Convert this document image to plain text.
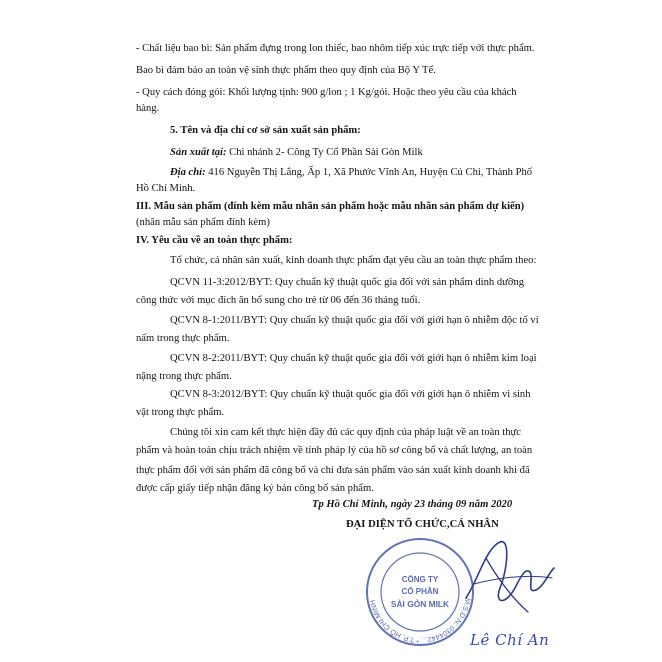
- Chất liệu bao bì: Sản phẩm đựng trong lon thiếc, bao nhôm tiếp xúc trực tiếp với thực phẩm.

Bao bì đảm bảo an toàn vệ sinh thực phẩm theo quy định của Bộ Y Tế.

- Quy cách đóng gói: Khối lượng tịnh: 900 g/lon ; 1 Kg/gói. Hoặc theo yêu cầu của khách

hàng.

5. Tên và địa chỉ cơ sở sản xuất sản phẩm:

Sản xuất tại: Chi nhánh 2- Công Ty Cổ Phần Sài Gòn Milk

Địa chỉ: 416 Nguyễn Thị Lắng, Ấp 1, Xã Phước Vĩnh An, Huyện Củ Chi, Thành Phố

Hồ Chí Minh.

III. Mẫu sản phẩm (đính kèm mẫu nhãn sản phẩm hoặc mẫu nhãn sản phẩm dự kiến)

(nhãn mẫu sản phẩm đính kèm)

IV. Yêu cầu về an toàn thực phẩm:

Tổ chức, cá nhân sản xuất, kinh doanh thực phẩm đạt yêu cầu an toàn thực phẩm theo:

QCVN 11-3:2012/BYT: Quy chuẩn kỹ thuật quốc gia đối với sản phẩm dinh dưỡng

công thức với mục đích ăn bổ sung cho trẻ từ 06 đến 36 tháng tuổi.

QCVN 8-1:2011/BYT: Quy chuẩn kỹ thuật quốc gia đối với giới hạn ô nhiễm độc tố vi

nấm trong thực phẩm.

QCVN 8-2:2011/BYT: Quy chuẩn kỹ thuật quốc gia đối với giới hạn ô nhiễm kim loại

nặng trong thực phẩm.

QCVN 8-3:2012/BYT: Quy chuẩn kỹ thuật quốc gia đối với giới hạn ô nhiễm vi sinh

vật trong thực phẩm.

Chúng tôi xin cam kết thực hiện đầy đủ các quy định của pháp luật về an toàn thực

phẩm và hoàn toàn chịu trách nhiệm về tính pháp lý của hồ sơ công bố và chất lượng, an toàn

thực phẩm đối với sản phẩm đã công bố và chỉ đưa sản phẩm vào sản xuất kinh doanh khi đã

được cấp giấy tiếp nhận đăng ký bản công bố sản phẩm.

Tp Hồ Chí Minh, ngày 23 tháng 09 năm 2020

ĐẠI DIỆN TỔ CHỨC,CÁ NHÂN

M.S.D.N: 0304442... * T.P. HỒ CHÍ MINH
CÔNG TY
CỔ PHẦN
SÀI GÒN MILK
Lê Chí An
